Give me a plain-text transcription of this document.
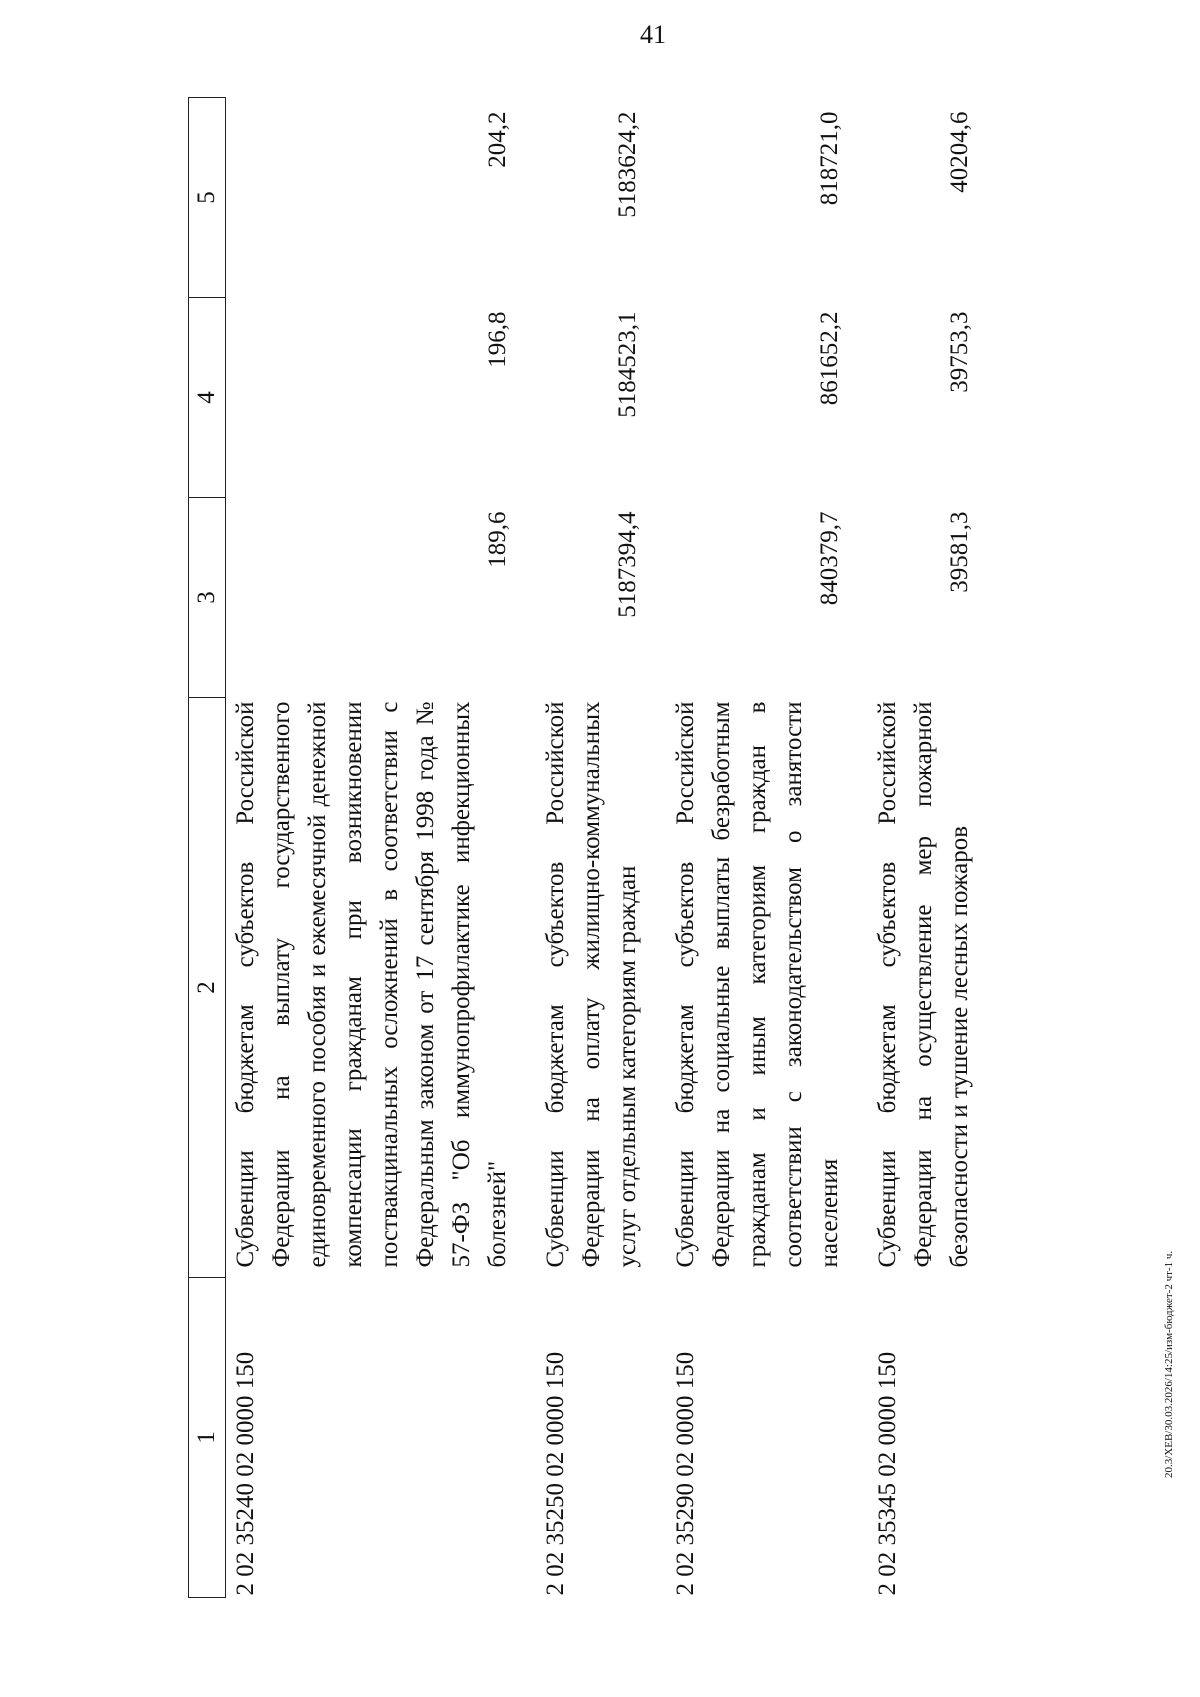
41
1	2	3	4	5
2 02 35240 02 0000 150	Субвенции бюджетам субъектов Российской Федерации на выплату государственного единовременного пособия и ежемесячной денежной компенсации гражданам при возникновении поствакцинальных осложнений в соответствии с Федеральным законом от 17 сентября 1998 года № 57-ФЗ "Об иммунопрофилактике инфекционных болезней"	189,6	196,8	204,2
2 02 35250 02 0000 150	Субвенции бюджетам субъектов Российской Федерации на оплату жилищно-коммунальных услуг отдельным категориям граждан	5187394,4	5184523,1	5183624,2
2 02 35290 02 0000 150	Субвенции бюджетам субъектов Российской Федерации на социальные выплаты безработным гражданам и иным категориям граждан в соответствии с законодательством о занятости населения	840379,7	861652,2	818721,0
2 02 35345 02 0000 150	Субвенции бюджетам субъектов Российской Федерации на осуществление мер пожарной безопасности и тушение лесных пожаров	39581,3	39753,3	40204,6
20.3/ХЕВ/30.03.2026/14:25/изм-бюджет-2 чт-1 ч.
